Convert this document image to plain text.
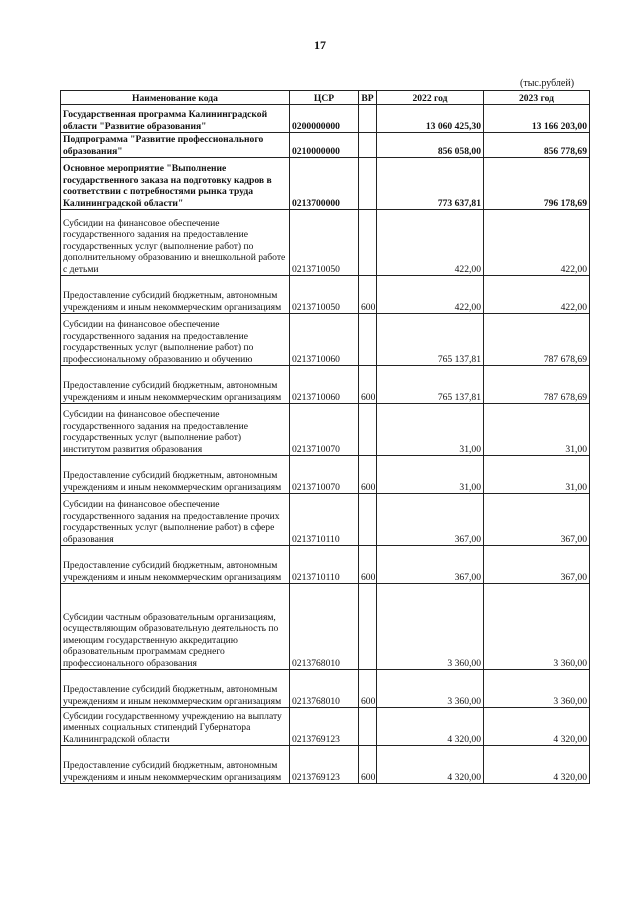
17
(тыс.рублей)
Наименование кода	ЦСР	ВР	2022 год	2023 год
Государственная программа Калининградской области "Развитие образования"	0200000000		13 060 425,30	13 166 203,00
Подпрограмма "Развитие профессионального образования"	0210000000		856 058,00	856 778,69
Основное мероприятие "Выполнение государственного заказа на подготовку кадров в соответствии с потребностями рынка труда Калининградской области"	0213700000		773 637,81	796 178,69
Субсидии на финансовое обеспечение государственного задания на предоставление государственных услуг (выполнение работ) по дополнительному образованию и внешкольной работе с детьми	0213710050		422,00	422,00
Предоставление субсидий бюджетным, автономным учреждениям и иным некоммерческим организациям	0213710050	600	422,00	422,00
Субсидии на финансовое обеспечение государственного задания на предоставление государственных услуг (выполнение работ) по профессиональному образованию и обучению	0213710060		765 137,81	787 678,69
Предоставление субсидий бюджетным, автономным учреждениям и иным некоммерческим организациям	0213710060	600	765 137,81	787 678,69
Субсидии на финансовое обеспечение государственного задания на предоставление государственных услуг (выполнение работ) институтом развития образования	0213710070		31,00	31,00
Предоставление субсидий бюджетным, автономным учреждениям и иным некоммерческим организациям	0213710070	600	31,00	31,00
Субсидии на финансовое обеспечение государственного задания на предоставление прочих государственных услуг (выполнение работ) в сфере образования	0213710110		367,00	367,00
Предоставление субсидий бюджетным, автономным учреждениям и иным некоммерческим организациям	0213710110	600	367,00	367,00
Субсидии частным образовательным организациям, осуществляющим образовательную деятельность по имеющим государственную аккредитацию образовательным программам среднего профессионального образования	0213768010		3 360,00	3 360,00
Предоставление субсидий бюджетным, автономным учреждениям и иным некоммерческим организациям	0213768010	600	3 360,00	3 360,00
Субсидии государственному учреждению на выплату именных социальных стипендий Губернатора Калининградской области	0213769123		4 320,00	4 320,00
Предоставление субсидий бюджетным, автономным учреждениям и иным некоммерческим организациям	0213769123	600	4 320,00	4 320,00
